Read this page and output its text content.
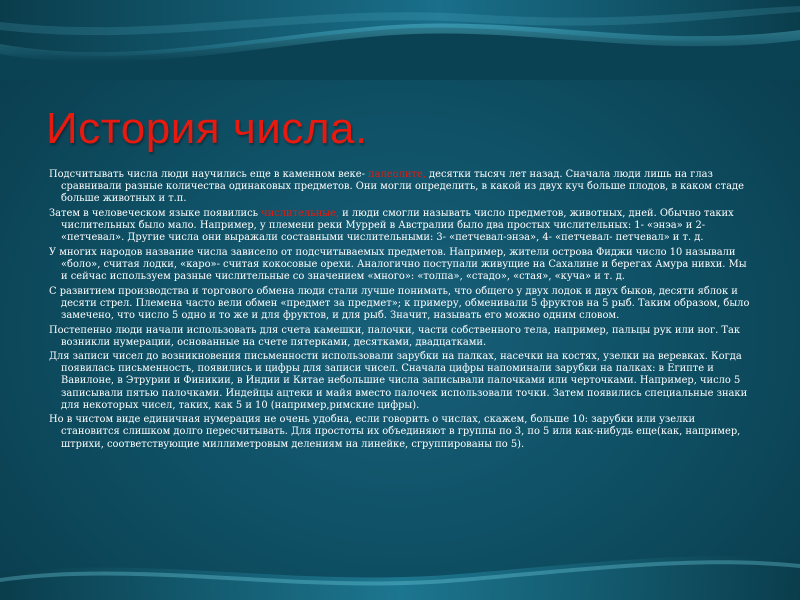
История числа.

Подсчитывать числа люди научились еще в каменном веке- палеолите, десятки тысяч лет назад. Сначала люди лишь на глаз сравнивали разные количества одинаковых предметов. Они могли определить, в какой из двух куч больше плодов, в каком стаде больше животных и т.п.

Затем в человеческом языке появились числительные, и люди смогли называть число предметов, животных, дней. Обычно таких числительных было мало. Например, у племени реки Муррей в Австралии было два простых числительных: 1- «энэа» и 2- «петчевал». Другие числа они выражали составными числительными: 3- «петчевал-энэа», 4- «петчевал- петчевал» и т. д.

У многих народов название числа зависело от подсчитываемых предметов. Например, жители острова Фиджи число 10 называли «боло», считая лодки, «каро»- считая кокосовые орехи. Аналогично поступали живущие на Сахалине и берегах Амура нивхи. Мы и сейчас используем разные числительные со значением «много»: «толпа», «стадо», «стая», «куча» и т. д.

С развитием производства и торгового обмена люди стали лучше понимать, что общего у двух лодок и двух быков, десяти яблок и десяти стрел. Племена часто вели обмен «предмет за предмет»; к примеру, обменивали 5 фруктов на 5 рыб. Таким образом, было замечено, что число 5 одно и то же и для фруктов, и для рыб. Значит, называть его можно одним словом.

Постепенно люди начали использовать для счета камешки, палочки, части собственного тела, например, пальцы рук или ног. Так возникли нумерации, основанные на счете пятерками, десятками, двадцатками.

Для записи чисел до возникновения письменности использовали зарубки на палках, насечки на костях, узелки на веревках. Когда появилась письменность, появились и цифры для записи чисел. Сначала цифры напоминали зарубки на палках: в Египте и Вавилоне, в Этрурии и Финикии, в Индии и Китае небольшие числа записывали палочками или черточками. Например, число 5 записывали пятью палочками. Индейцы ацтеки и майя вместо палочек использовали точки. Затем появились специальные знаки для некоторых чисел, таких, как 5 и 10 (например,римские цифры).

Но в чистом виде единичная нумерация не очень удобна, если говорить о числах, скажем, больше 10: зарубки или узелки становится слишком долго пересчитывать. Для простоты их объединяют в группы по 3, по 5 или как-нибудь еще(как, например, штрихи, соответствующие миллиметровым делениям на линейке, сгруппированы по 5).
